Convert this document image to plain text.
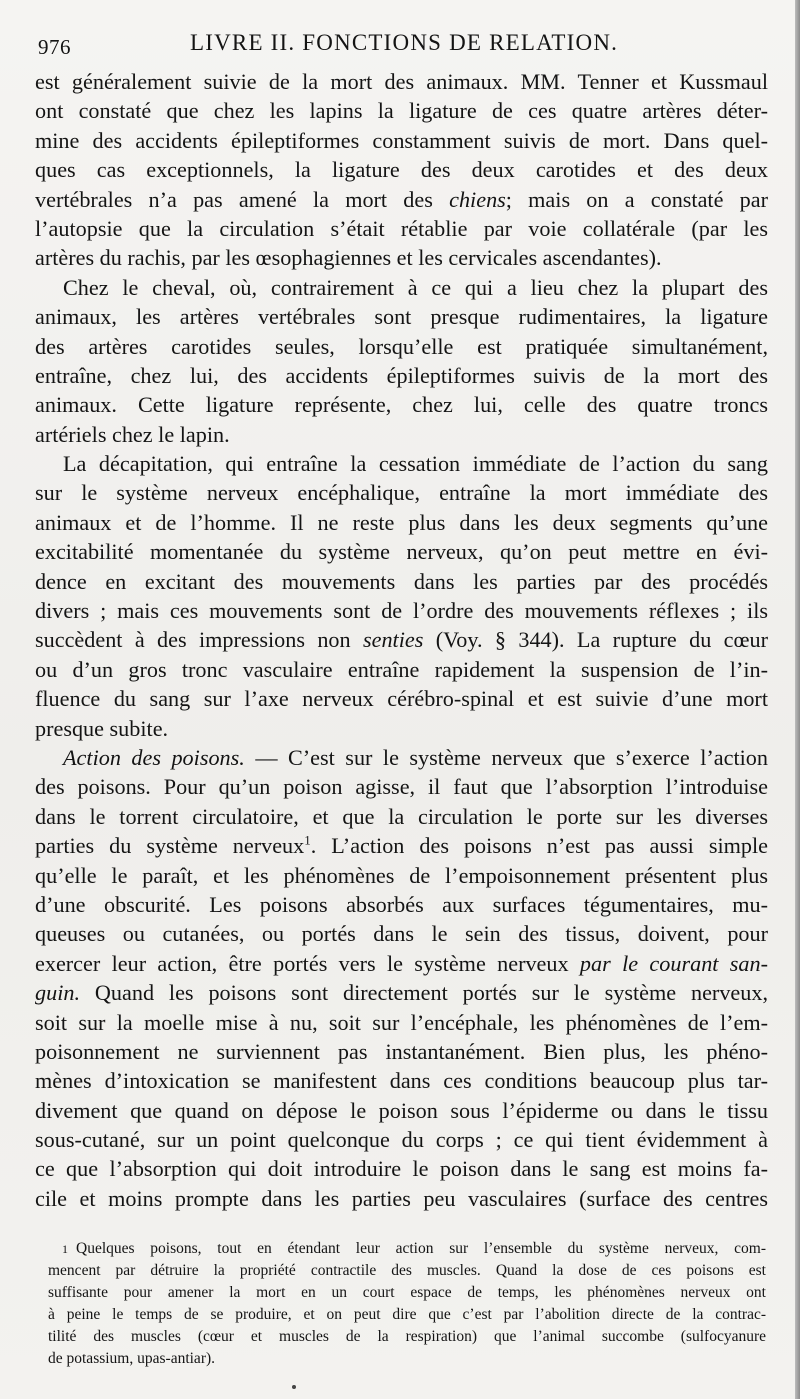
976	LIVRE II. FONCTIONS DE RELATION.
est généralement suivie de la mort des animaux. MM. Tenner et Kussmaul
ont constaté que chez les lapins la ligature de ces quatre artères déter-
mine des accidents épileptiformes constamment suivis de mort. Dans quel-
ques cas exceptionnels, la ligature des deux carotides et des deux
vertébrales n’a pas amené la mort des chiens; mais on a constaté par
l’autopsie que la circulation s’était rétablie par voie collatérale (par les
artères du rachis, par les œsophagiennes et les cervicales ascendantes).
Chez le cheval, où, contrairement à ce qui a lieu chez la plupart des
animaux, les artères vertébrales sont presque rudimentaires, la ligature
des artères carotides seules, lorsqu’elle est pratiquée simultanément,
entraîne, chez lui, des accidents épileptiformes suivis de la mort des
animaux. Cette ligature représente, chez lui, celle des quatre troncs
artériels chez le lapin.
La décapitation, qui entraîne la cessation immédiate de l’action du sang
sur le système nerveux encéphalique, entraîne la mort immédiate des
animaux et de l’homme. Il ne reste plus dans les deux segments qu’une
excitabilité momentanée du système nerveux, qu’on peut mettre en évi-
dence en excitant des mouvements dans les parties par des procédés
divers ; mais ces mouvements sont de l’ordre des mouvements réflexes ; ils
succèdent à des impressions non senties (Voy. § 344). La rupture du cœur
ou d’un gros tronc vasculaire entraîne rapidement la suspension de l’in-
fluence du sang sur l’axe nerveux cérébro-spinal et est suivie d’une mort
presque subite.
Action des poisons. — C’est sur le système nerveux que s’exerce l’action
des poisons. Pour qu’un poison agisse, il faut que l’absorption l’introduise
dans le torrent circulatoire, et que la circulation le porte sur les diverses
parties du système nerveux$^1$. L’action des poisons n’est pas aussi simple
qu’elle le paraît, et les phénomènes de l’empoisonnement présentent plus
d’une obscurité. Les poisons absorbés aux surfaces tégumentaires, mu-
queuses ou cutanées, ou portés dans le sein des tissus, doivent, pour
exercer leur action, être portés vers le système nerveux par le courant san-
guin. Quand les poisons sont directement portés sur le système nerveux,
soit sur la moelle mise à nu, soit sur l’encéphale, les phénomènes de l’em-
poisonnement ne surviennent pas instantanément. Bien plus, les phéno-
mènes d’intoxication se manifestent dans ces conditions beaucoup plus tar-
divement que quand on dépose le poison sous l’épiderme ou dans le tissu
sous-cutané, sur un point quelconque du corps ; ce qui tient évidemment à
ce que l’absorption qui doit introduire le poison dans le sang est moins fa-
cile et moins prompte dans les parties peu vasculaires (surface des centres
1 Quelques poisons, tout en étendant leur action sur l’ensemble du système nerveux, com-
mencent par détruire la propriété contractile des muscles. Quand la dose de ces poisons est
suffisante pour amener la mort en un court espace de temps, les phénomènes nerveux ont
à peine le temps de se produire, et on peut dire que c’est par l’abolition directe de la contrac-
tilité des muscles (cœur et muscles de la respiration) que l’animal succombe (sulfocyanure
de potassium, upas-antiar).
